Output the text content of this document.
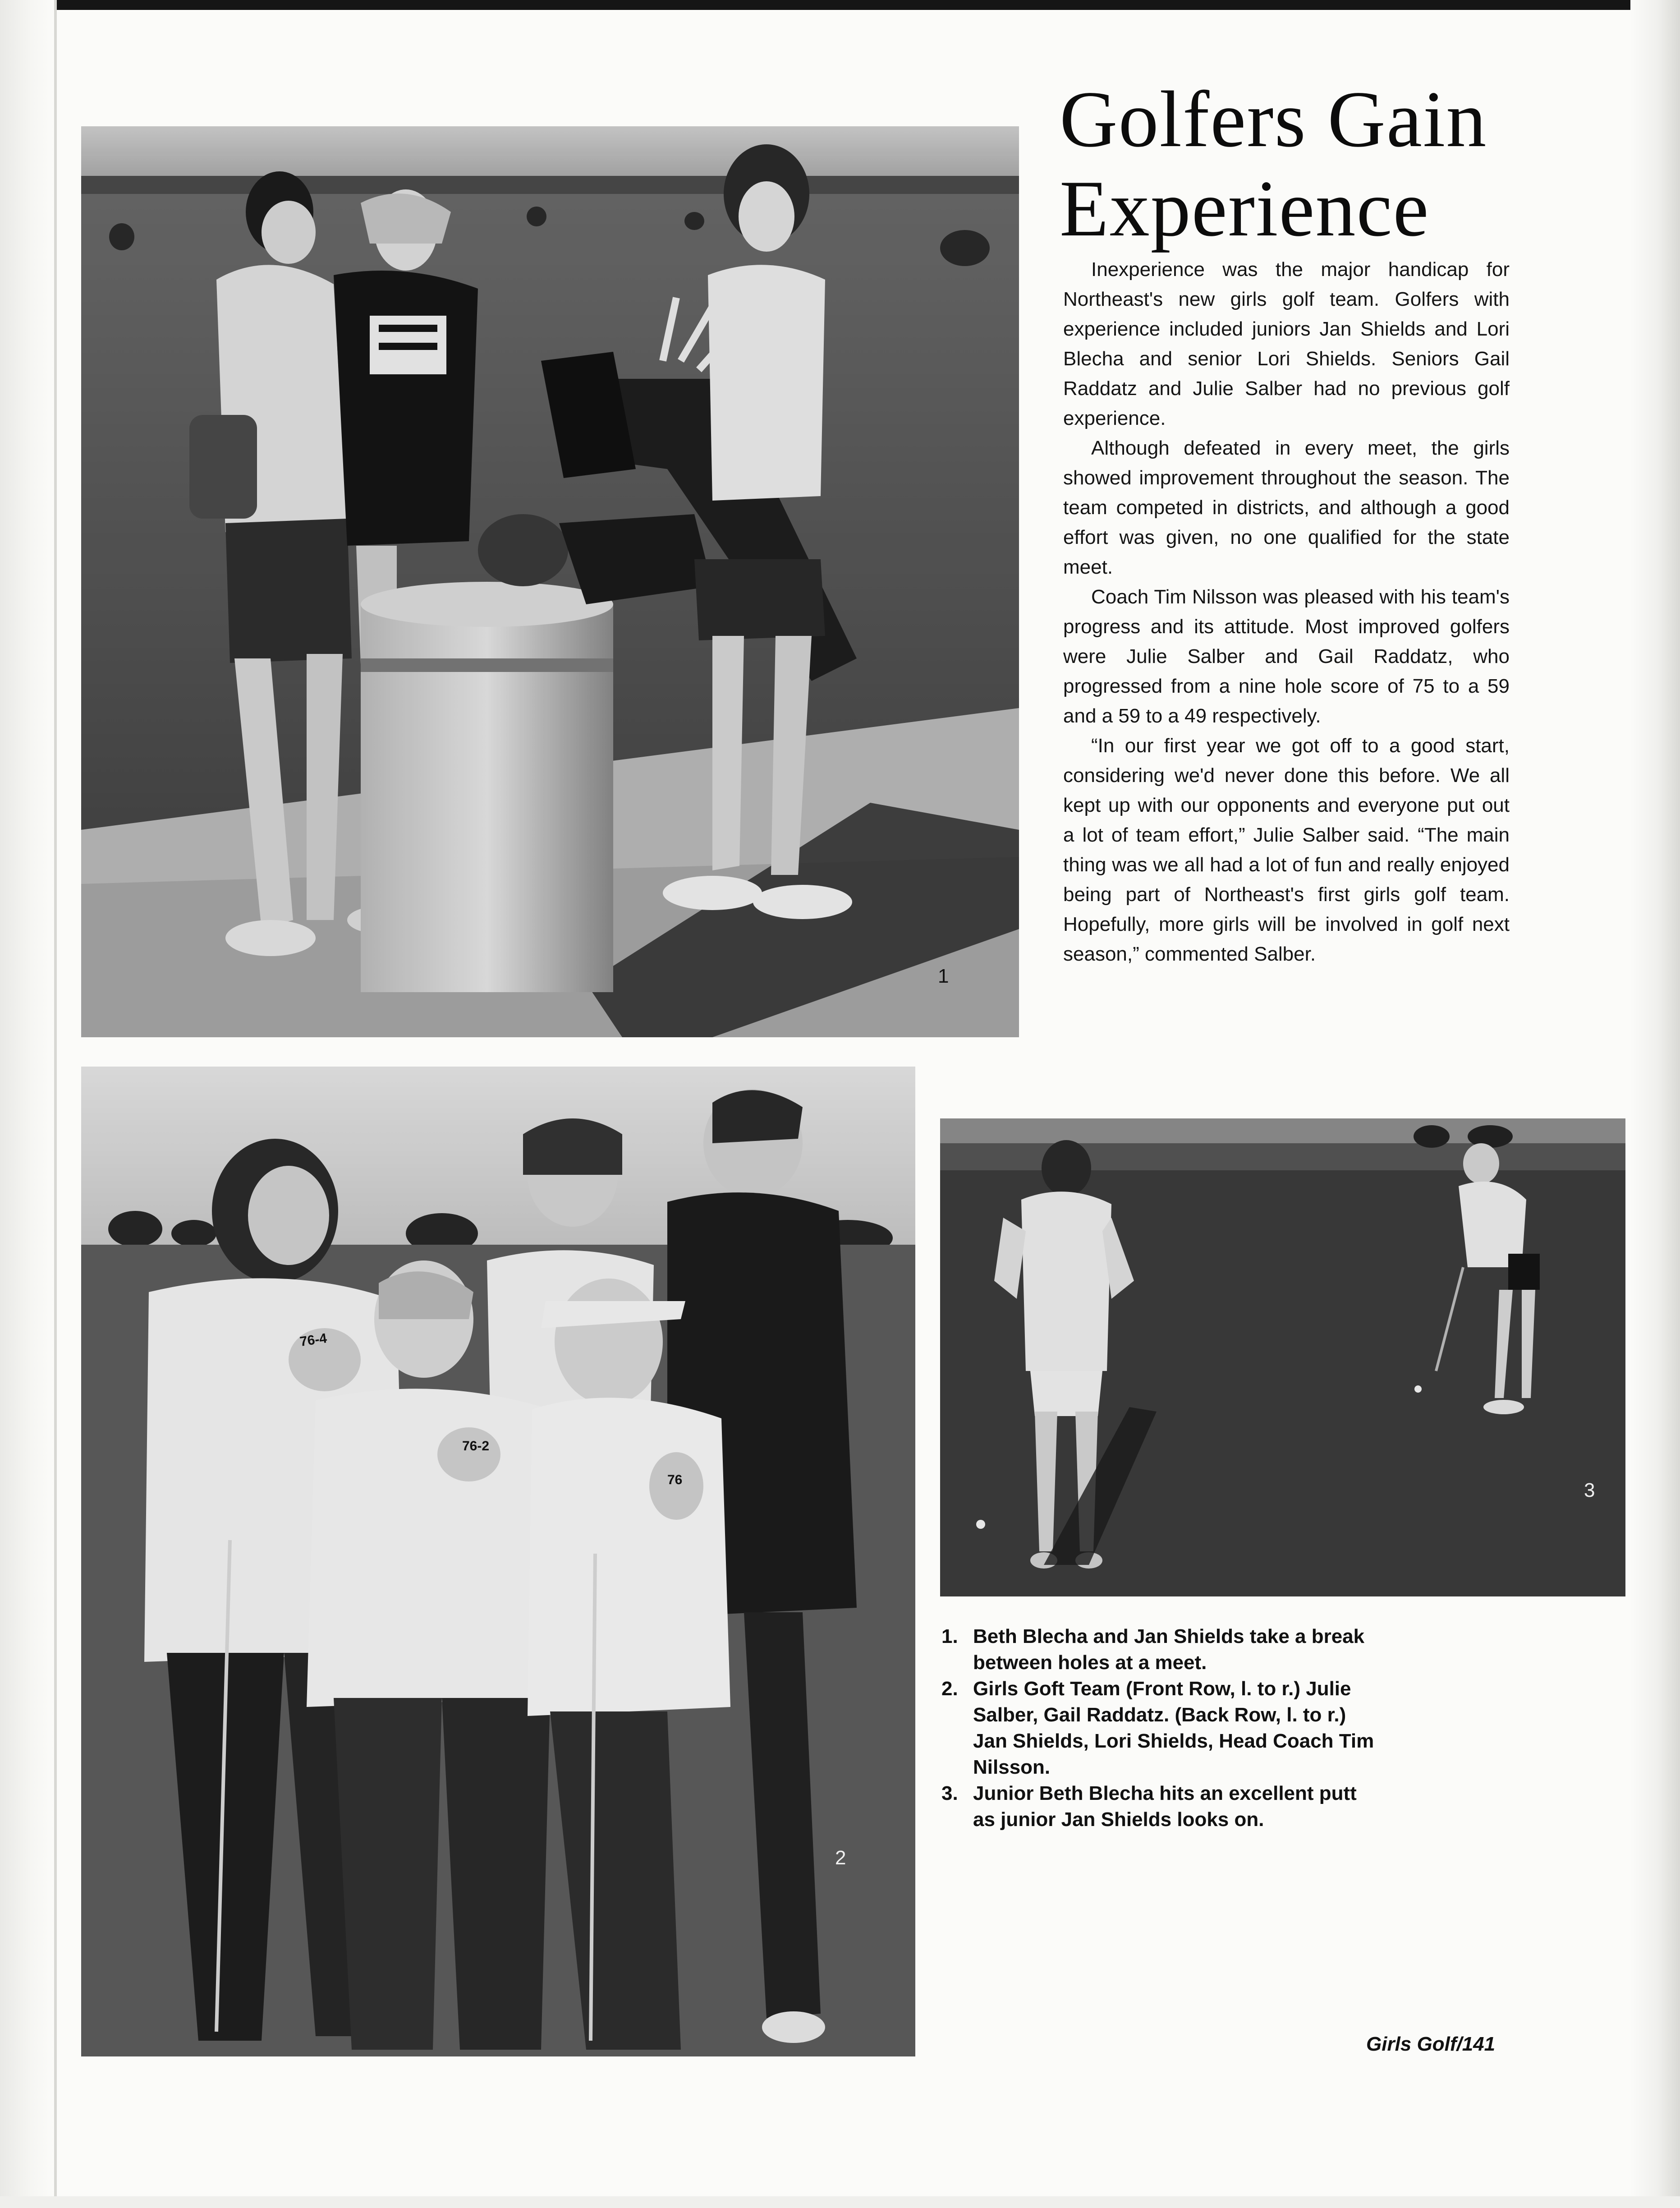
1
2
76-4
76-2
76	3
Golfers Gain
Experience

Inexperience was the major handicap for Northeast's new girls golf team. Golfers with experience included juniors Jan Shields and Lori Blecha and senior Lori Shields. Seniors Gail Raddatz and Julie Salber had no previous golf experience.

Although defeated in every meet, the girls showed improvement throughout the season. The team competed in districts, and although a good effort was given, no one qualified for the state meet.

Coach Tim Nilsson was pleased with his team's progress and its attitude. Most improved golfers were Julie Salber and Gail Raddatz, who progressed from a nine hole score of 75 to a 59 and a 59 to a 49 respectively.

“In our first year we got off to a good start, considering we'd never done this before. We all kept up with our opponents and everyone put out a lot of team effort,” Julie Salber said. “The main thing was we all had a lot of fun and really enjoyed being part of Northeast's first girls golf team. Hopefully, more girls will be involved in golf next season,” commented Salber.

1. Beth Blecha and Jan Shields take a break between holes at a meet.
2. Girls Goft Team (Front Row, l. to r.) Julie Salber, Gail Raddatz. (Back Row, l. to r.) Jan Shields, Lori Shields, Head Coach Tim Nilsson.
3. Junior Beth Blecha hits an excellent putt as junior Jan Shields looks on.
Girls Golf/141
